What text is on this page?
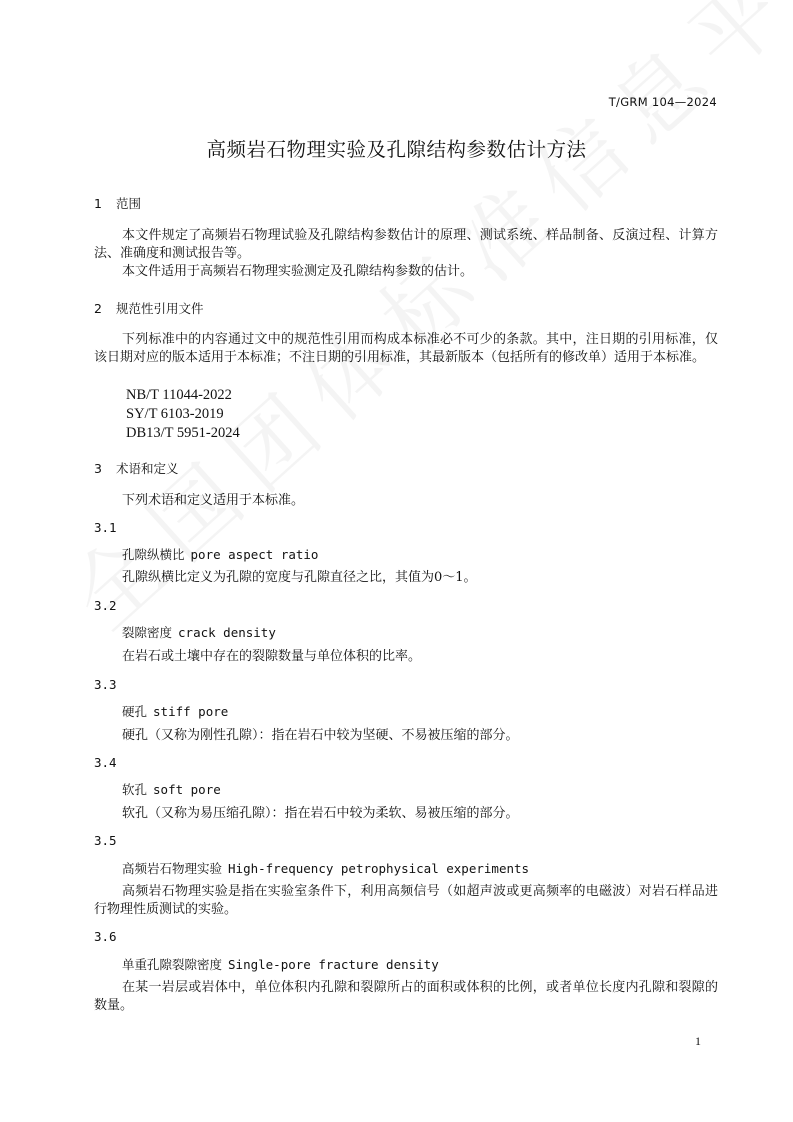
T/GRM 104—2024
高频岩石物理实验及孔隙结构参数估计方法
1 范围
本文件规定了高频岩石物理试验及孔隙结构参数估计的原理、测试系统、样品制备、反演过程、计算方法、准确度和测试报告等。
本文件适用于高频岩石物理实验测定及孔隙结构参数的估计。
2 规范性引用文件
下列标准中的内容通过文中的规范性引用而构成本标准必不可少的条款。其中，注日期的引用标准，仅该日期对应的版本适用于本标准；不注日期的引用标准，其最新版本（包括所有的修改单）适用于本标准。
NB/T 11044-2022
SY/T 6103-2019
DB13/T 5951-2024
3 术语和定义
下列术语和定义适用于本标准。
3.1
孔隙纵横比 pore aspect ratio
孔隙纵横比定义为孔隙的宽度与孔隙直径之比，其值为0～1。
3.2
裂隙密度 crack density
在岩石或土壤中存在的裂隙数量与单位体积的比率。
3.3
硬孔 stiff pore
硬孔（又称为刚性孔隙）：指在岩石中较为坚硬、不易被压缩的部分。
3.4
软孔 soft pore
软孔（又称为易压缩孔隙）：指在岩石中较为柔软、易被压缩的部分。
3.5
高频岩石物理实验 High-frequency petrophysical experiments
高频岩石物理实验是指在实验室条件下，利用高频信号（如超声波或更高频率的电磁波）对岩石样品进行物理性质测试的实验。
3.6
单重孔隙裂隙密度 Single-pore fracture density
在某一岩层或岩体中，单位体积内孔隙和裂隙所占的面积或体积的比例，或者单位长度内孔隙和裂隙的数量。
1
